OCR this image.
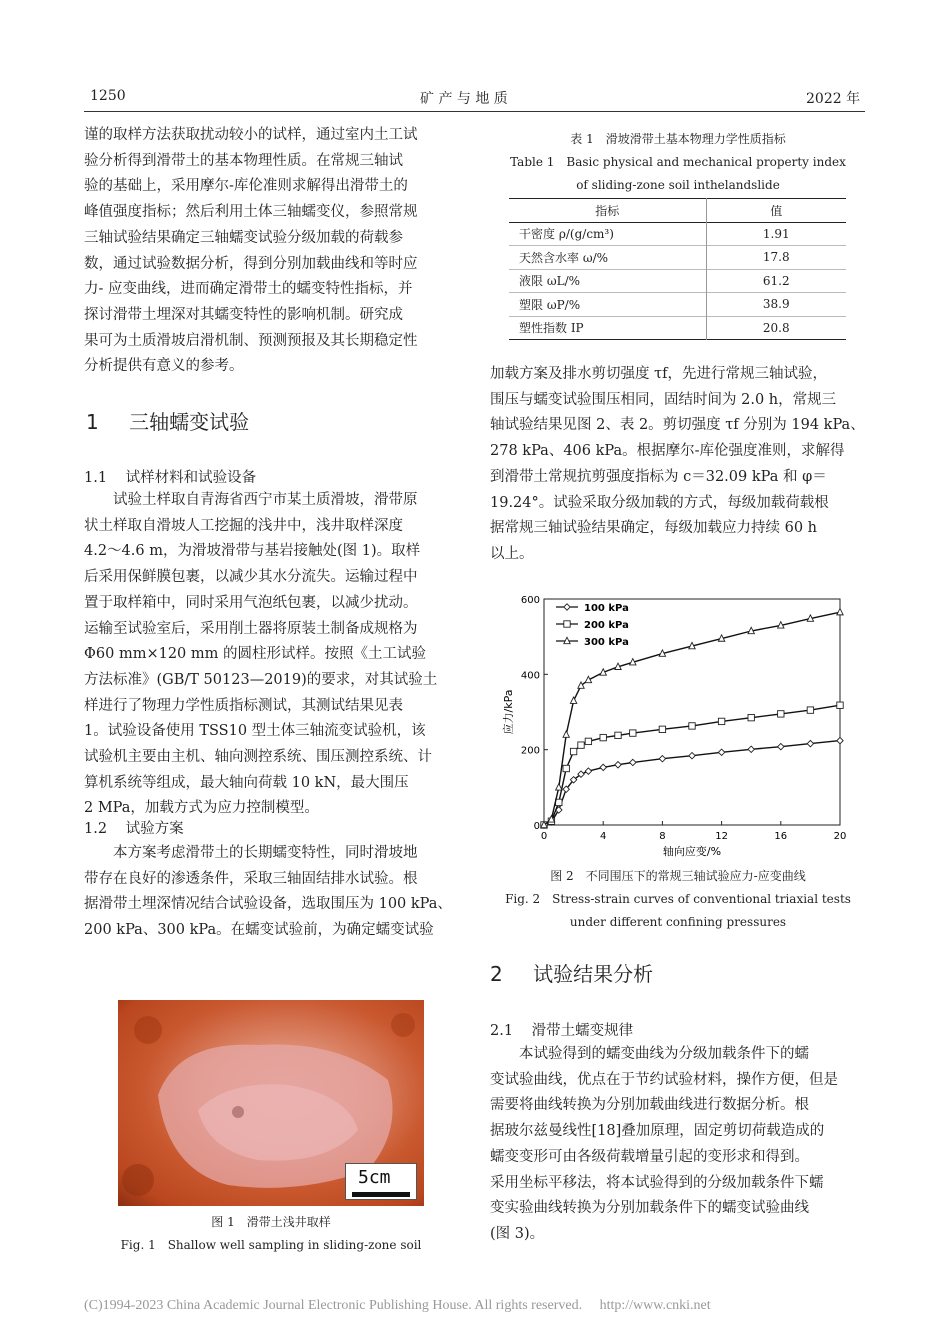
1250	矿 产 与 地 质	2022 年

谨的取样方法获取扰动较小的试样，通过室内土工试

验分析得到滑带土的基本物理性质。在常规三轴试

验的基础上，采用摩尔-库伦准则求解得出滑带土的

峰值强度指标；然后利用土体三轴蠕变仪，参照常规

三轴试验结果确定三轴蠕变试验分级加载的荷载参

数，通过试验数据分析，得到分别加载曲线和等时应

力- 应变曲线，进而确定滑带土的蠕变特性指标，并

探讨滑带土埋深对其蠕变特性的影响机制。研究成

果可为土质滑坡启滑机制、预测预报及其长期稳定性

分析提供有意义的参考。

1 三轴蠕变试验
1.1 试样材料和试验设备

试验土样取自青海省西宁市某土质滑坡，滑带原

状土样取自滑坡人工挖掘的浅井中，浅井取样深度

4.2～4.6 m，为滑坡滑带与基岩接触处(图 1)。取样

后采用保鲜膜包裹，以减少其水分流失。运输过程中

置于取样箱中，同时采用气泡纸包裹，以减少扰动。

运输至试验室后，采用削土器将原装土制备成规格为

Φ60 mm×120 mm 的圆柱形试样。按照《土工试验

方法标准》(GB/T 50123—2019)的要求，对其试验土

样进行了物理力学性质指标测试，其测试结果见表

1。试验设备使用 TSS10 型土体三轴流变试验机，该

试验机主要由主机、轴向测控系统、围压测控系统、计

算机系统等组成，最大轴向荷载 10 kN，最大围压

2 MPa，加载方式为应力控制模型。

1.2 试验方案

本方案考虑滑带土的长期蠕变特性，同时滑坡地

带存在良好的渗透条件，采取三轴固结排水试验。根

据滑带土埋深情况结合试验设备，选取围压为 100 kPa、

200 kPa、300 kPa。在蠕变试验前，为确定蠕变试验

5cm
图 1　滑带土浅井取样
Fig. 1　Shallow well sampling in sliding-zone soil
表 1　滑坡滑带土基本物理力学性质指标
Table 1　Basic physical and mechanical property index
of sliding-zone soil inthelandslide
指标	值
干密度 ρ/(g/cm³)	1.91
天然含水率 ω/%	17.8
液限 ωL/%	61.2
塑限 ωP/%	38.9
塑性指数 IP	20.8

加载方案及排水剪切强度 τf，先进行常规三轴试验，

围压与蠕变试验围压相同，固结时间为 2.0 h，常规三

轴试验结果见图 2、表 2。剪切强度 τf 分别为 194 kPa、

278 kPa、406 kPa。根据摩尔-库伦强度准则，求解得

到滑带土常规抗剪强度指标为 c＝32.09 kPa 和 φ＝

19.24°。试验采取分级加载的方式，每级加载荷载根

据常规三轴试验结果确定，每级加载应力持续 60 h

以上。

0	4	8	12	16	20
0
200
400
600
轴向应变/%
应力/kPa
100 kPa
200 kPa
300 kPa
图 2　不同围压下的常规三轴试验应力-应变曲线
Fig. 2　Stress-strain curves of conventional triaxial tests
under different confining pressures
2 试验结果分析
2.1 滑带土蠕变规律

本试验得到的蠕变曲线为分级加载条件下的蠕

变试验曲线，优点在于节约试验材料，操作方便，但是

需要将曲线转换为分别加载曲线进行数据分析。根

据玻尔兹曼线性[18]叠加原理，固定剪切荷载造成的

蠕变变形可由各级荷载增量引起的变形求和得到。

采用坐标平移法，将本试验得到的分级加载条件下蠕

变实验曲线转换为分别加载条件下的蠕变试验曲线

(图 3)。

(C)1994-2023 China Academic Journal Electronic Publishing House. All rights reserved. http://www.cnki.net
